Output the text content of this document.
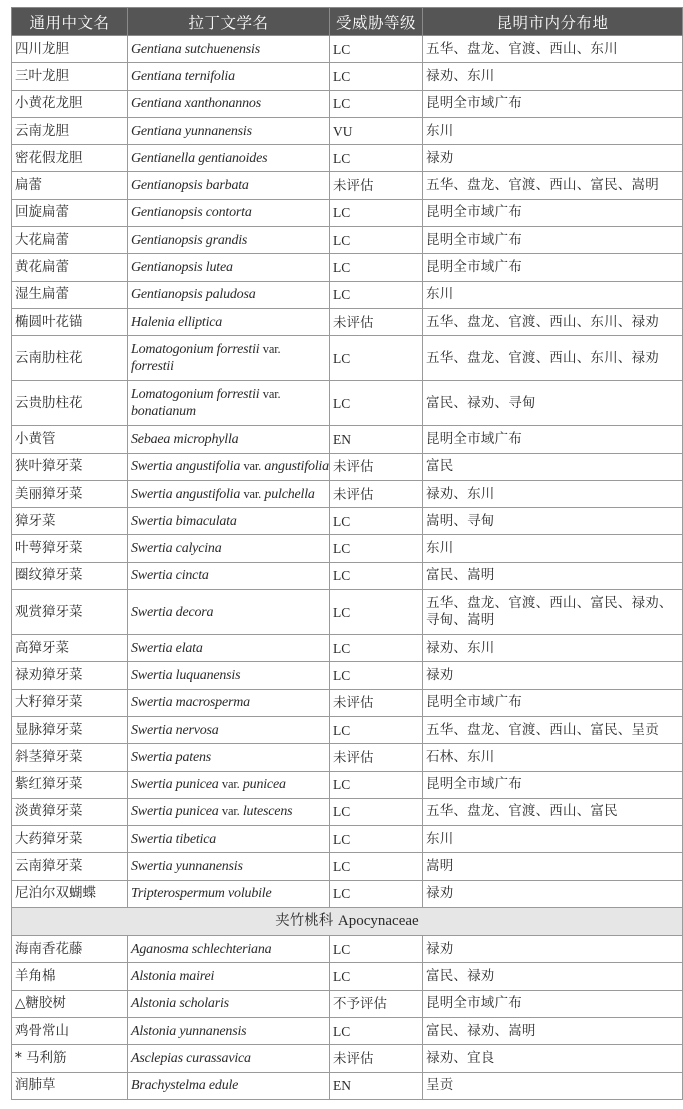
通用中文名	拉丁文学名	受威胁等级	昆明市内分布地
四川龙胆	Gentiana sutchuenensis	LC	五华、盘龙、官渡、西山、东川
三叶龙胆	Gentiana ternifolia	LC	禄劝、东川
小黄花龙胆	Gentiana xanthonannos	LC	昆明全市域广布
云南龙胆	Gentiana yunnanensis	VU	东川
密花假龙胆	Gentianella gentianoides	LC	禄劝
扁蕾	Gentianopsis barbata	未评估	五华、盘龙、官渡、西山、富民、嵩明
回旋扁蕾	Gentianopsis contorta	LC	昆明全市域广布
大花扁蕾	Gentianopsis grandis	LC	昆明全市域广布
黄花扁蕾	Gentianopsis lutea	LC	昆明全市域广布
湿生扁蕾	Gentianopsis paludosa	LC	东川
椭圆叶花锚	Halenia elliptica	未评估	五华、盘龙、官渡、西山、东川、禄劝
云南肋柱花	Lomatogonium forrestii var.
forrestii	LC	五华、盘龙、官渡、西山、东川、禄劝
云贵肋柱花	Lomatogonium forrestii var.
bonatianum	LC	富民、禄劝、寻甸
小黄管	Sebaea microphylla	EN	昆明全市域广布
狭叶獐牙菜	Swertia angustifolia var. angustifolia	未评估	富民
美丽獐牙菜	Swertia angustifolia var. pulchella	未评估	禄劝、东川
獐牙菜	Swertia bimaculata	LC	嵩明、寻甸
叶萼獐牙菜	Swertia calycina	LC	东川
圈纹獐牙菜	Swertia cincta	LC	富民、嵩明
观赏獐牙菜	Swertia decora	LC	五华、盘龙、官渡、西山、富民、禄劝、寻甸、嵩明
高獐牙菜	Swertia elata	LC	禄劝、东川
禄劝獐牙菜	Swertia luquanensis	LC	禄劝
大籽獐牙菜	Swertia macrosperma	未评估	昆明全市域广布
显脉獐牙菜	Swertia nervosa	LC	五华、盘龙、官渡、西山、富民、呈贡
斜茎獐牙菜	Swertia patens	未评估	石林、东川
紫红獐牙菜	Swertia punicea var. punicea	LC	昆明全市域广布
淡黄獐牙菜	Swertia punicea var. lutescens	LC	五华、盘龙、官渡、西山、富民
大药獐牙菜	Swertia tibetica	LC	东川
云南獐牙菜	Swertia yunnanensis	LC	嵩明
尼泊尔双蝴蝶	Tripterospermum volubile	LC	禄劝
夹竹桃科 Apocynaceae			
海南香花藤	Aganosma schlechteriana	LC	禄劝
羊角棉	Alstonia mairei	LC	富民、禄劝
△糖胶树	Alstonia scholaris	不予评估	昆明全市域广布
鸡骨常山	Alstonia yunnanensis	LC	富民、禄劝、嵩明
* 马利筋	Asclepias curassavica	未评估	禄劝、宜良
润肺草	Brachystelma edule	EN	呈贡
